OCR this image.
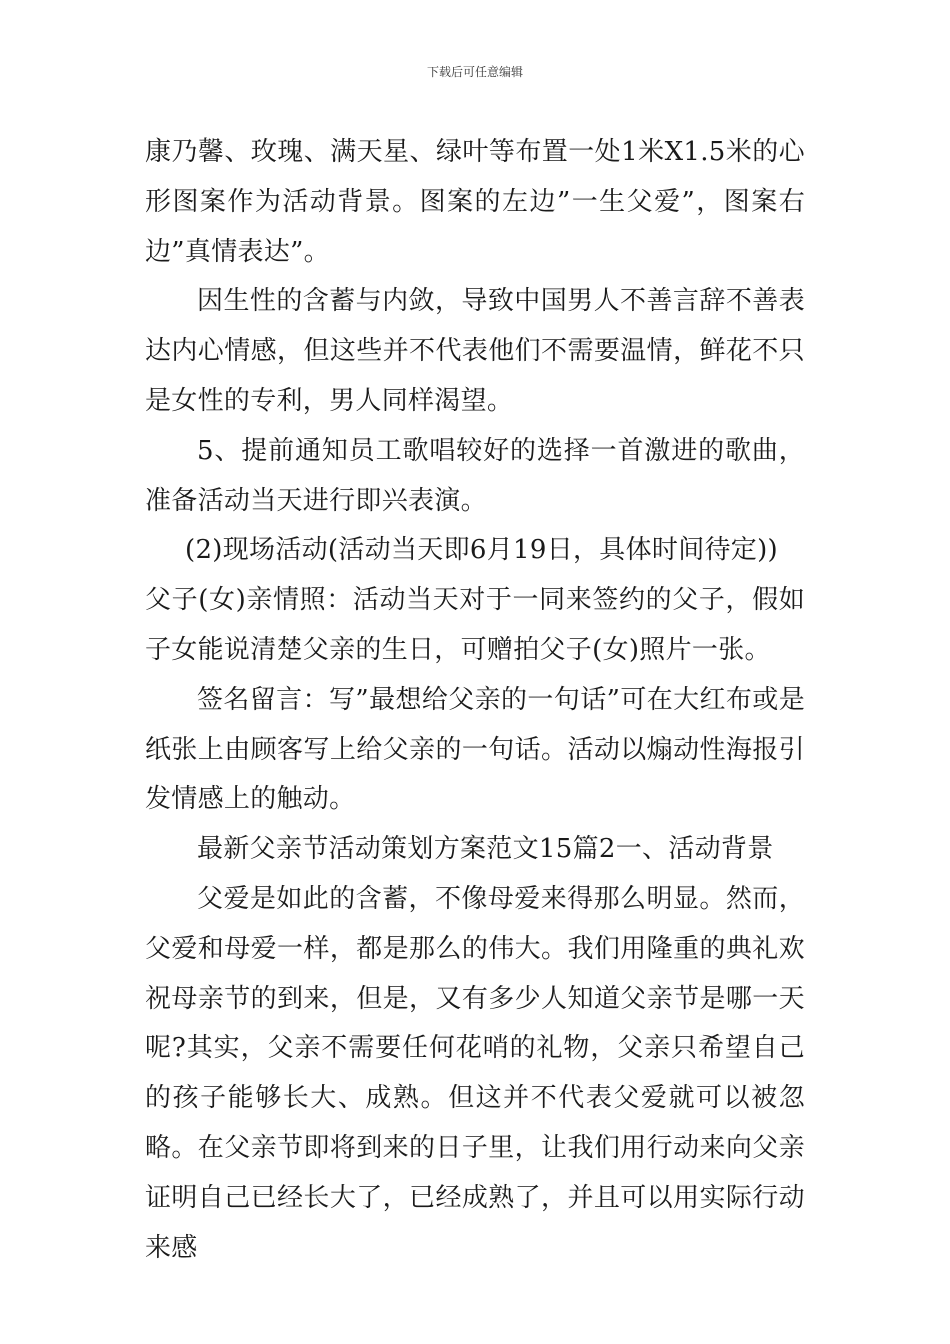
下载后可任意编辑

康乃馨、玫瑰、满天星、绿叶等布置一处1米X1.5米的心形图案作为活动背景。图案的左边”一生父爱”，图案右边”真情表达”。

因生性的含蓄与内敛，导致中国男人不善言辞不善表达内心情感，但这些并不代表他们不需要温情，鲜花不只是女性的专利，男人同样渴望。

5、提前通知员工歌唱较好的选择一首激进的歌曲，准备活动当天进行即兴表演。

(2)现场活动(活动当天即6月19日，具体时间待定))

父子(女)亲情照：活动当天对于一同来签约的父子，假如子女能说清楚父亲的生日，可赠拍父子(女)照片一张。

签名留言：写”最想给父亲的一句话”可在大红布或是纸张上由顾客写上给父亲的一句话。活动以煽动性海报引发情感上的触动。

最新父亲节活动策划方案范文15篇2一、活动背景

父爱是如此的含蓄，不像母爱来得那么明显。然而，父爱和母爱一样，都是那么的伟大。我们用隆重的典礼欢祝母亲节的到来，但是，又有多少人知道父亲节是哪一天呢?其实，父亲不需要任何花哨的礼物，父亲只希望自己的孩子能够长大、成熟。但这并不代表父爱就可以被忽略。在父亲节即将到来的日子里，让我们用行动来向父亲证明自己已经长大了，已经成熟了，并且可以用实际行动来感
